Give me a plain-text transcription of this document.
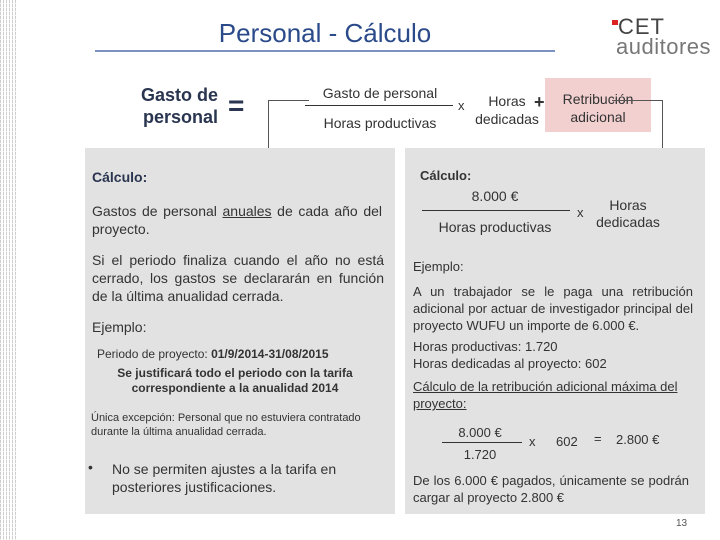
Personal - Cálculo	CET
auditores
Gasto de
personal =	Gasto de personal
Horas productivas
x	Horas
dedicadas
+	Retribución
adicional
Cálculo:
Gastos de personal anuales de cada año del proyecto.
Si el periodo finaliza cuando el año no está cerrado, los gastos se declararán en función de la última anualidad cerrada.
Ejemplo:
Periodo de proyecto: 01/9/2014-31/08/2015
Se justificará todo el periodo con la tarifa correspondiente a la anualidad 2014
Única excepción: Personal que no estuviera contratado durante la última anualidad cerrada.
• No se permiten ajustes a la tarifa en posteriores justificaciones.
Cálculo:
8.000 €
Horas productivas
x	Horas
dedicadas
Ejemplo:
A un trabajador se le paga una retribución adicional por actuar de investigador principal del proyecto WUFU un importe de 6.000 €.
Horas productivas: 1.720
Horas dedicadas al proyecto: 602
Cálculo de la retribución adicional máxima del proyecto:
8.000 €
1.720
x 602 = 2.800 €
De los 6.000 € pagados, únicamente se podrán cargar al proyecto 2.800 €
13
